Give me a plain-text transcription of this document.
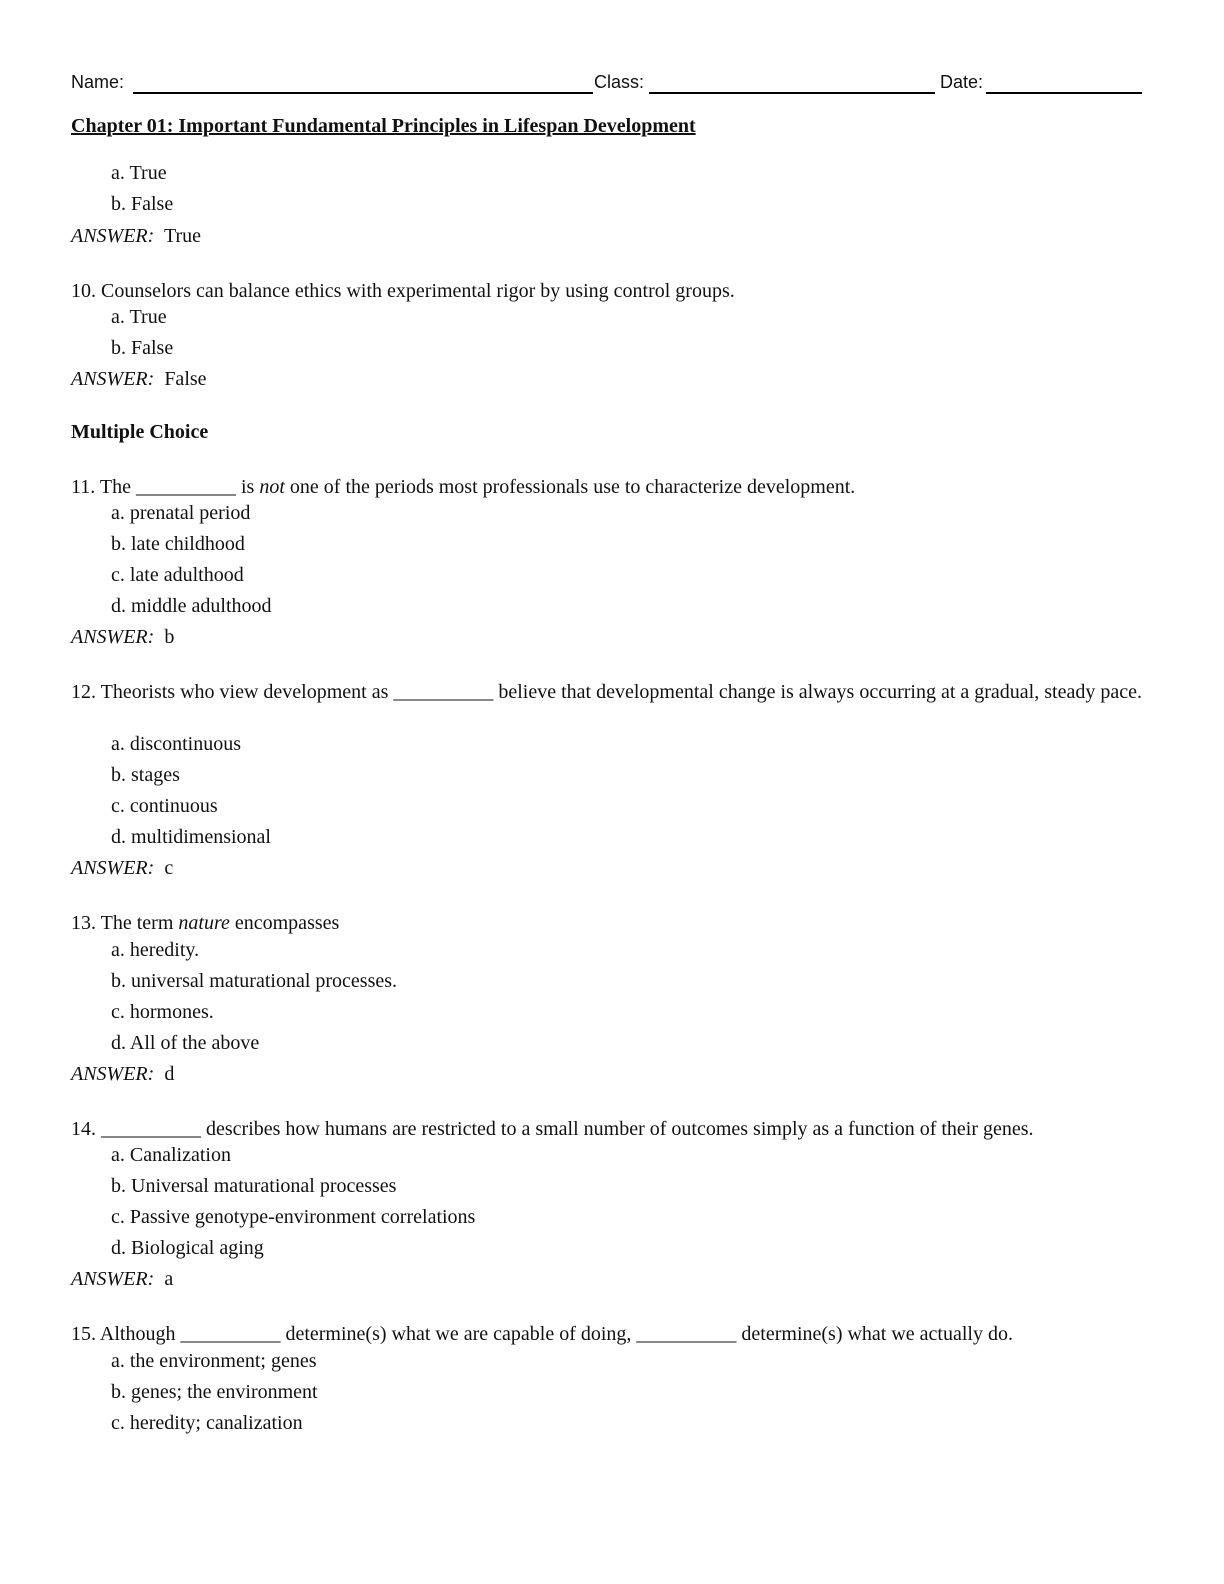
Name:	Class:	Date:
Chapter 01: Important Fundamental Principles in Lifespan Development
a. True
b. False
ANSWER: True
10. Counselors can balance ethics with experimental rigor by using control groups.
a. True
b. False
ANSWER: False
Multiple Choice
11. The __________ is not one of the periods most professionals use to characterize development.
a. prenatal period
b. late childhood
c. late adulthood
d. middle adulthood
ANSWER: b
12. Theorists who view development as __________ believe that developmental change is always occurring at a gradual, steady pace.
a. discontinuous
b. stages
c. continuous
d. multidimensional
ANSWER: c
13. The term nature encompasses
a. heredity.
b. universal maturational processes.
c. hormones.
d. All of the above
ANSWER: d
14. __________ describes how humans are restricted to a small number of outcomes simply as a function of their genes.
a. Canalization
b. Universal maturational processes
c. Passive genotype-environment correlations
d. Biological aging
ANSWER: a
15. Although __________ determine(s) what we are capable of doing, __________ determine(s) what we actually do.
a. the environment; genes
b. genes; the environment
c. heredity; canalization
